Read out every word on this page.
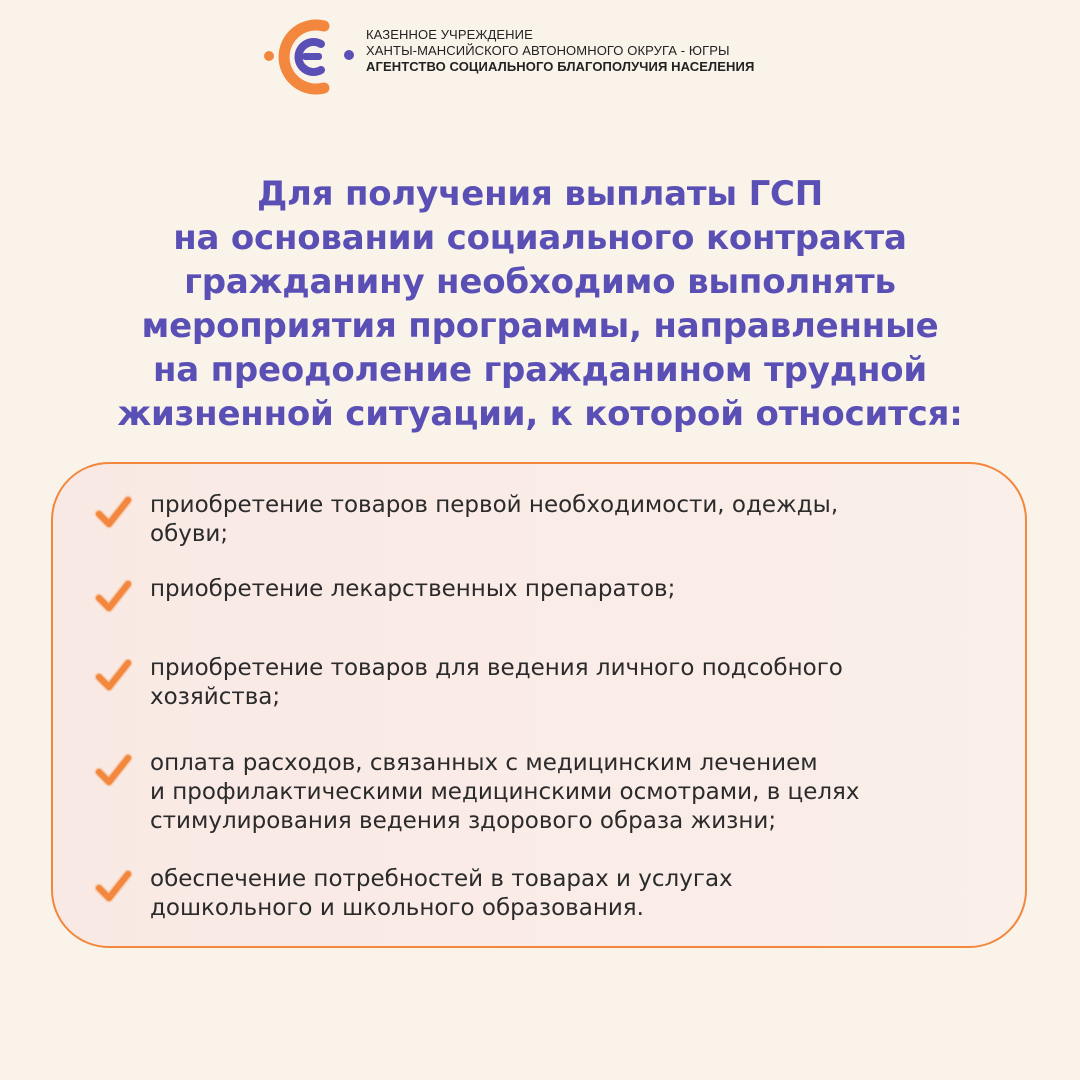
КАЗЕННОЕ УЧРЕЖДЕНИЕ
ХАНТЫ-МАНСИЙСКОГО АВТОНОМНОГО ОКРУГА - ЮГРЫ
АГЕНТСТВО СОЦИАЛЬНОГО БЛАГОПОЛУЧИЯ НАСЕЛЕНИЯ
Для получения выплаты ГСП
на основании социального контракта
гражданину необходимо выполнять
мероприятия программы, направленные
на преодоление гражданином трудной
жизненной ситуации, к которой относится:
приобретение товаров первой необходимости, одежды,
обуви;
приобретение лекарственных препаратов;
приобретение товаров для ведения личного подсобного
хозяйства;
оплата расходов, связанных с медицинским лечением
и профилактическими медицинскими осмотрами, в целях
стимулирования ведения здорового образа жизни;
обеспечение потребностей в товарах и услугах
дошкольного и школьного образования.
